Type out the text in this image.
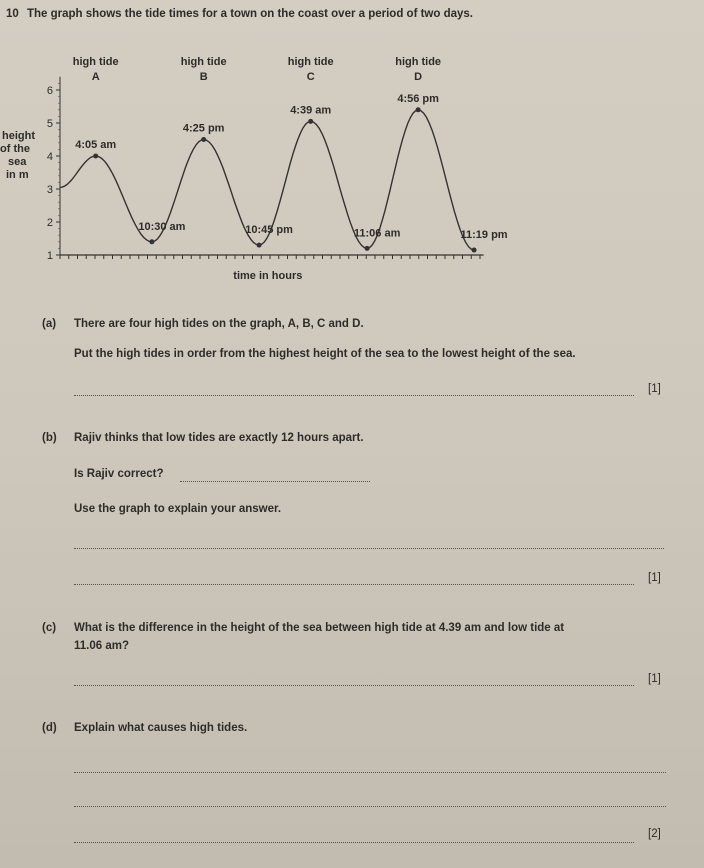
10 The graph shows the tide times for a town on the coast over a period of two days.
1
2
3
4
5
6
height
of the
sea
in m
time in hours
4:05 am
high tide
A
10:30 am
4:25 pm
high tide
B
10:45 pm
4:39 am
high tide
C
11:06 am
4:56 pm
high tide
D
11:19 pm
(a) There are four high tides on the graph, A, B, C and D.
Put the high tides in order from the highest height of the sea to the lowest height of the sea.
[1]
(b) Rajiv thinks that low tides are exactly 12 hours apart.
Is Rajiv correct?
Use the graph to explain your answer.
[1]
(c) What is the difference in the height of the sea between high tide at 4.39 am and low tide at
11.06 am?
[1]
(d) Explain what causes high tides.
[2]
